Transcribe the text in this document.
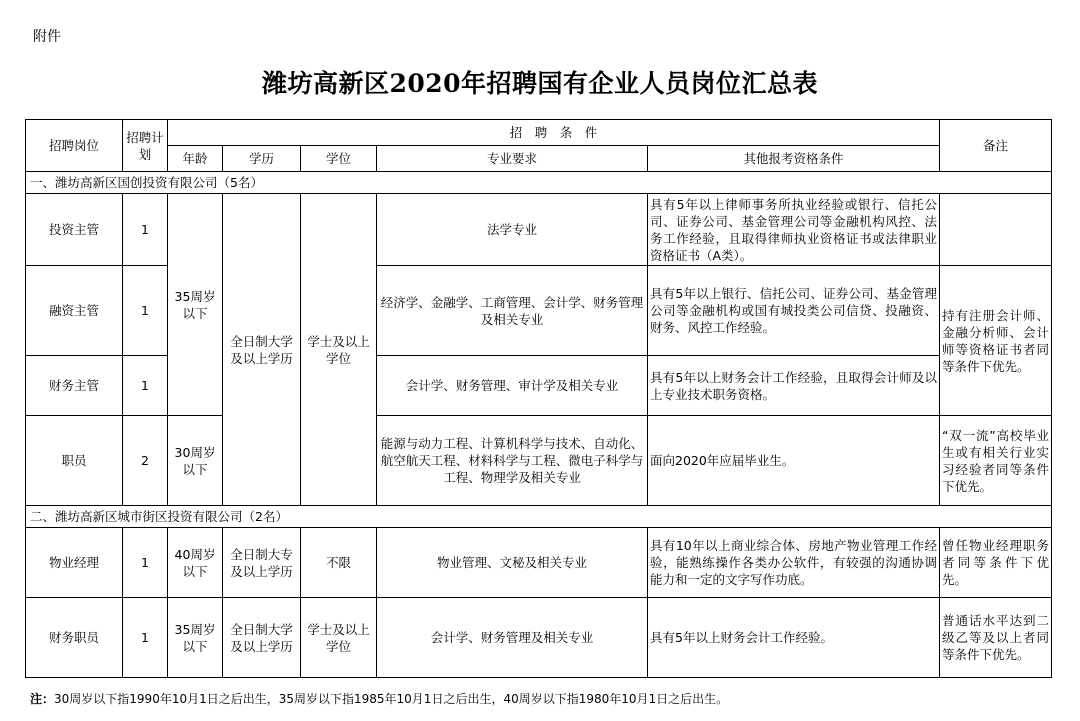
附件
潍坊高新区2020年招聘国有企业人员岗位汇总表
招聘岗位	招聘计划	招　聘　条　件					备注
		年龄	学历	学位	专业要求	其他报考资格条件	
一、潍坊高新区国创投资有限公司（5名）							
投资主管	1	35周岁以下	全日制大学及以上学历	学士及以上学位	法学专业	具有5年以上律师事务所执业经验或银行、信托公司、证券公司、基金管理公司等金融机构风控、法务工作经验，且取得律师执业资格证书或法律职业资格证书（A类）。	
融资主管	1				经济学、金融学、工商管理、会计学、财务管理及相关专业	具有5年以上银行、信托公司、证券公司、基金管理公司等金融机构或国有城投类公司信贷、投融资、财务、风控工作经验。	持有注册会计师、金融分析师、会计师等资格证书者同等条件下优先。
财务主管	1				会计学、财务管理、审计学及相关专业	具有5年以上财务会计工作经验，且取得会计师及以上专业技术职务资格。	
职员	2	30周岁以下			能源与动力工程、计算机科学与技术、自动化、航空航天工程、材料科学与工程、微电子科学与工程、物理学及相关专业	面向2020年应届毕业生。	“双一流”高校毕业生或有相关行业实习经验者同等条件下优先。
二、潍坊高新区城市街区投资有限公司（2名）							
物业经理	1	40周岁以下	全日制大专及以上学历	不限	物业管理、文秘及相关专业	具有10年以上商业综合体、房地产物业管理工作经验，能熟练操作各类办公软件，有较强的沟通协调能力和一定的文字写作功底。	曾任物业经理职务者同等条件下优先。
财务职员	1	35周岁以下	全日制大学及以上学历	学士及以上学位	会计学、财务管理及相关专业	具有5年以上财务会计工作经验。	普通话水平达到二级乙等及以上者同等条件下优先。
注：30周岁以下指1990年10月1日之后出生，35周岁以下指1985年10月1日之后出生，40周岁以下指1980年10月1日之后出生。
